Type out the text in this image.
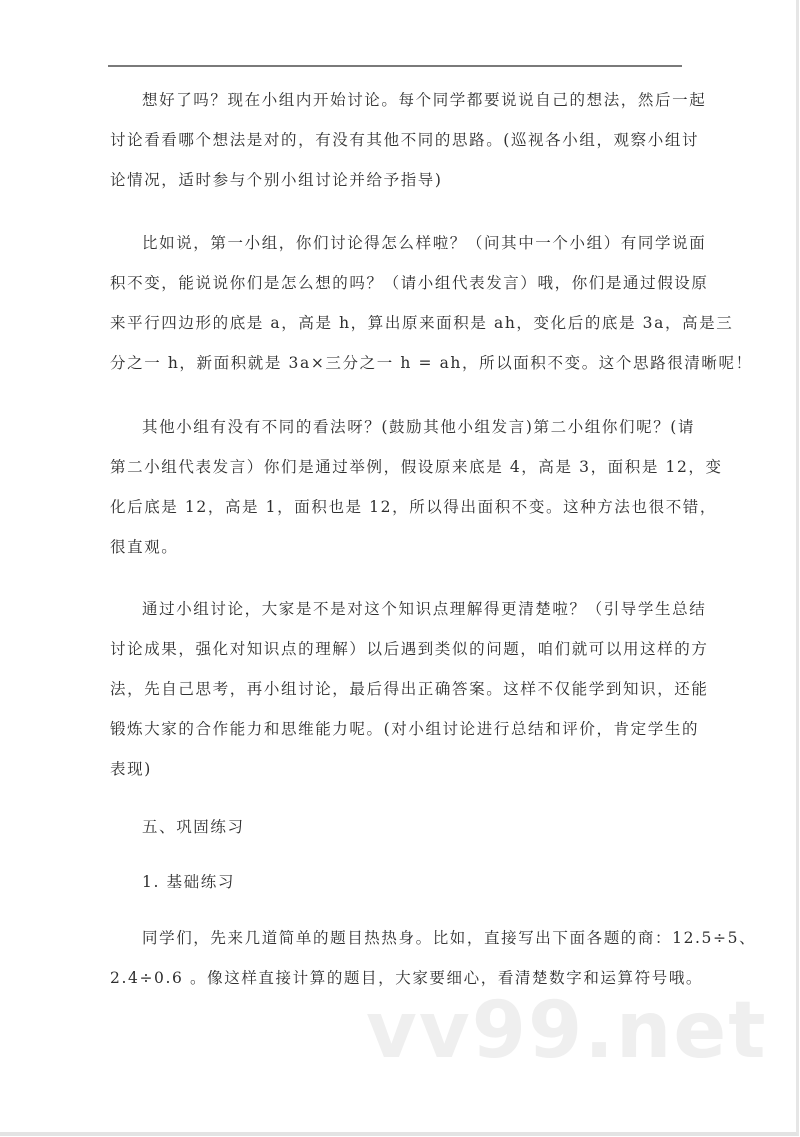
想好了吗？现在小组内开始讨论。每个同学都要说说自己的想法，然后一起
讨论看看哪个想法是对的，有没有其他不同的思路。(巡视各小组，观察小组讨
论情况，适时参与个别小组讨论并给予指导)

比如说，第一小组，你们讨论得怎么样啦？（问其中一个小组）有同学说面
积不变，能说说你们是怎么想的吗？（请小组代表发言）哦，你们是通过假设原
来平行四边形的底是 a，高是 h，算出原来面积是 ah，变化后的底是 3a，高是三
分之一 h，新面积就是 3a×三分之一 h = ah，所以面积不变。这个思路很清晰呢！

其他小组有没有不同的看法呀？(鼓励其他小组发言)第二小组你们呢？(请
第二小组代表发言）你们是通过举例，假设原来底是 4，高是 3，面积是 12，变
化后底是 12，高是 1，面积也是 12，所以得出面积不变。这种方法也很不错，
很直观。

通过小组讨论，大家是不是对这个知识点理解得更清楚啦？（引导学生总结
讨论成果，强化对知识点的理解）以后遇到类似的问题，咱们就可以用这样的方
法，先自己思考，再小组讨论，最后得出正确答案。这样不仅能学到知识，还能
锻炼大家的合作能力和思维能力呢。(对小组讨论进行总结和评价，肯定学生的
表现)

五、巩固练习
1. 基础练习

同学们，先来几道简单的题目热热身。比如，直接写出下面各题的商：12.5÷5、
2.4÷0.6 。像这样直接计算的题目，大家要细心，看清楚数字和运算符号哦。

vv99.net
